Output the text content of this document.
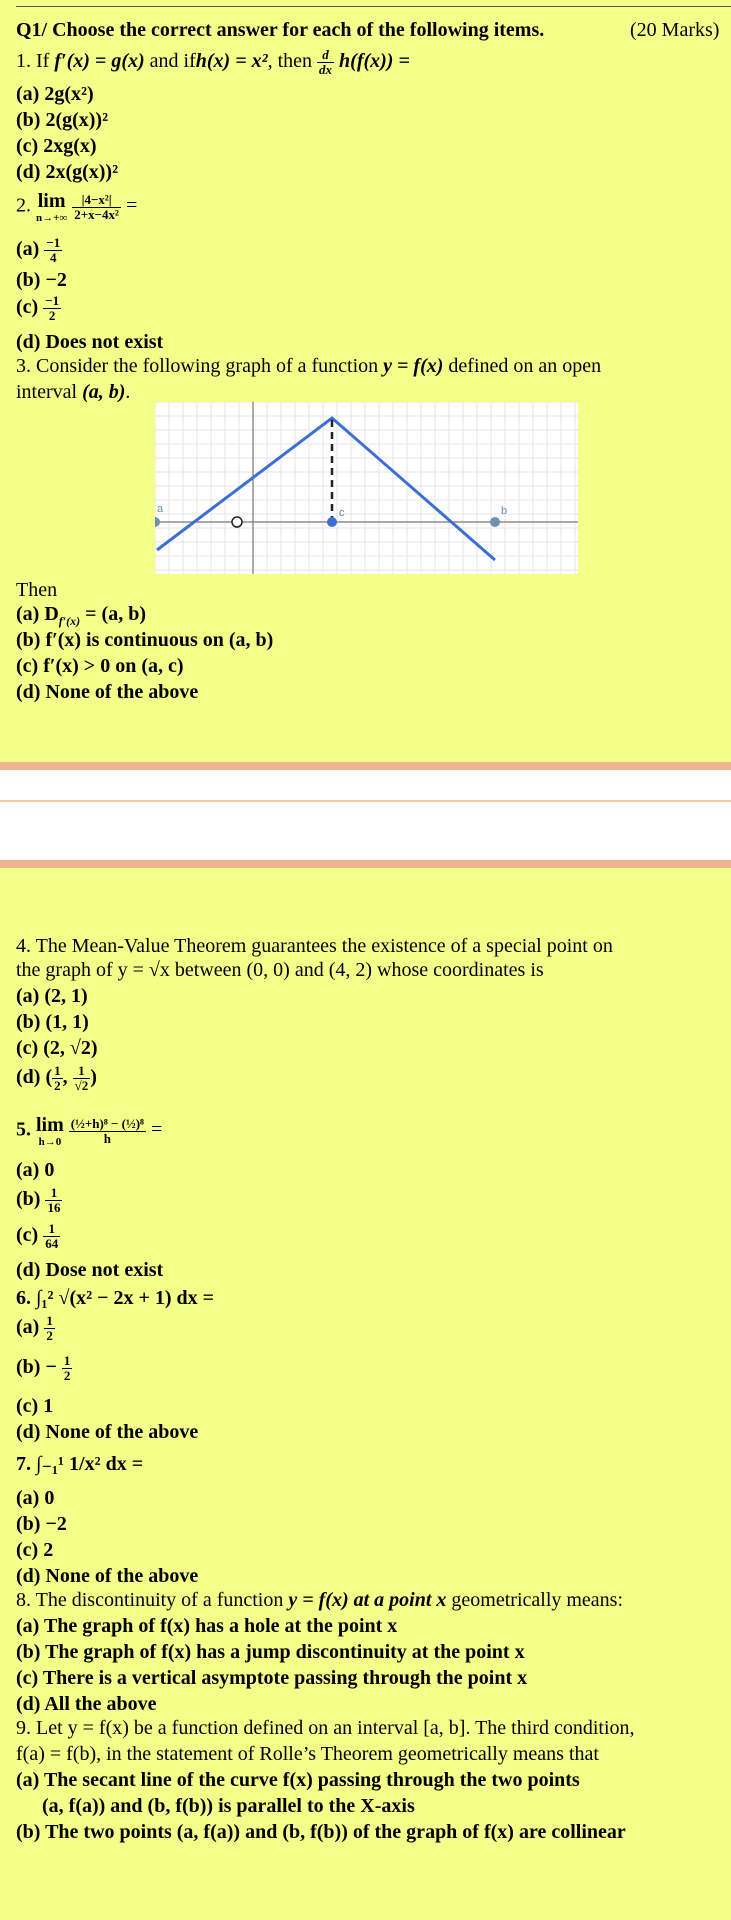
Q1/ Choose the correct answer for each of the following items.	(20 Marks)
1. If f′(x) = g(x) and ifh(x) = x², then $\frac{d}{dx} h(f(x))$ =
(a) 2g(x²)
(b) 2(g(x))²
(c) 2xg(x)
(d) 2x(g(x))²
2. lim
n→+∞
$\frac{\text{|4−x²|}}{\text{2+x−4x²}}$ =
$(a) \frac{-1}{4}$
(b) −2
$(c) \frac{-1}{2}$
(d) Does not exist
3. Consider the following graph of a function y = f(x) defined on an open
interval (a, b).
a	c	b
Then
(a) $D_{f'(x)} = (a$, b)
(b) f′(x) is continuous on (a, b)
(c) f′(x) > 0 on (a, c)
(d) None of the above
4. The Mean-Value Theorem guarantees the existence of a special point on
the graph of y = √x between (0, 0) and (4, 2) whose coordinates is
(a) (2, 1)
(b) (1, 1)
(c) (2, √2)
(d) ( $\frac{1}{2}$ , $\frac{1}{√2}$ )
5. lim
h→0
$\frac{\text{(½+h)⁸ − (½)⁸}}{h}$ =
(a) 0
$(b) \frac{1}{16}$
$(c) \frac{1}{64}$
(d) Dose not exist
6. ∫₁² √(x² − 2x + 1) dx =
$(a) \frac{1}{2}$
$(b) - \frac{1}{2}$
(c) 1
(d) None of the above
7. ∫₋₁¹ 1/x² dx =
(a) 0
(b) −2
(c) 2
(d) None of the above
8. The discontinuity of a function y = f(x) at a point x geometrically means:
(a) The graph of f(x) has a hole at the point x
(b) The graph of f(x) has a jump discontinuity at the point x
(c) There is a vertical asymptote passing through the point x
(d) All the above
9. Let y = f(x) be a function defined on an interval [a, b]. The third condition,
f(a) = f(b), in the statement of Rolle’s Theorem geometrically means that
(a) The secant line of the curve f(x) passing through the two points
(a, f(a)) and (b, f(b)) is parallel to the X-axis
(b) The two points (a, f(a)) and (b, f(b)) of the graph of f(x) are collinear
